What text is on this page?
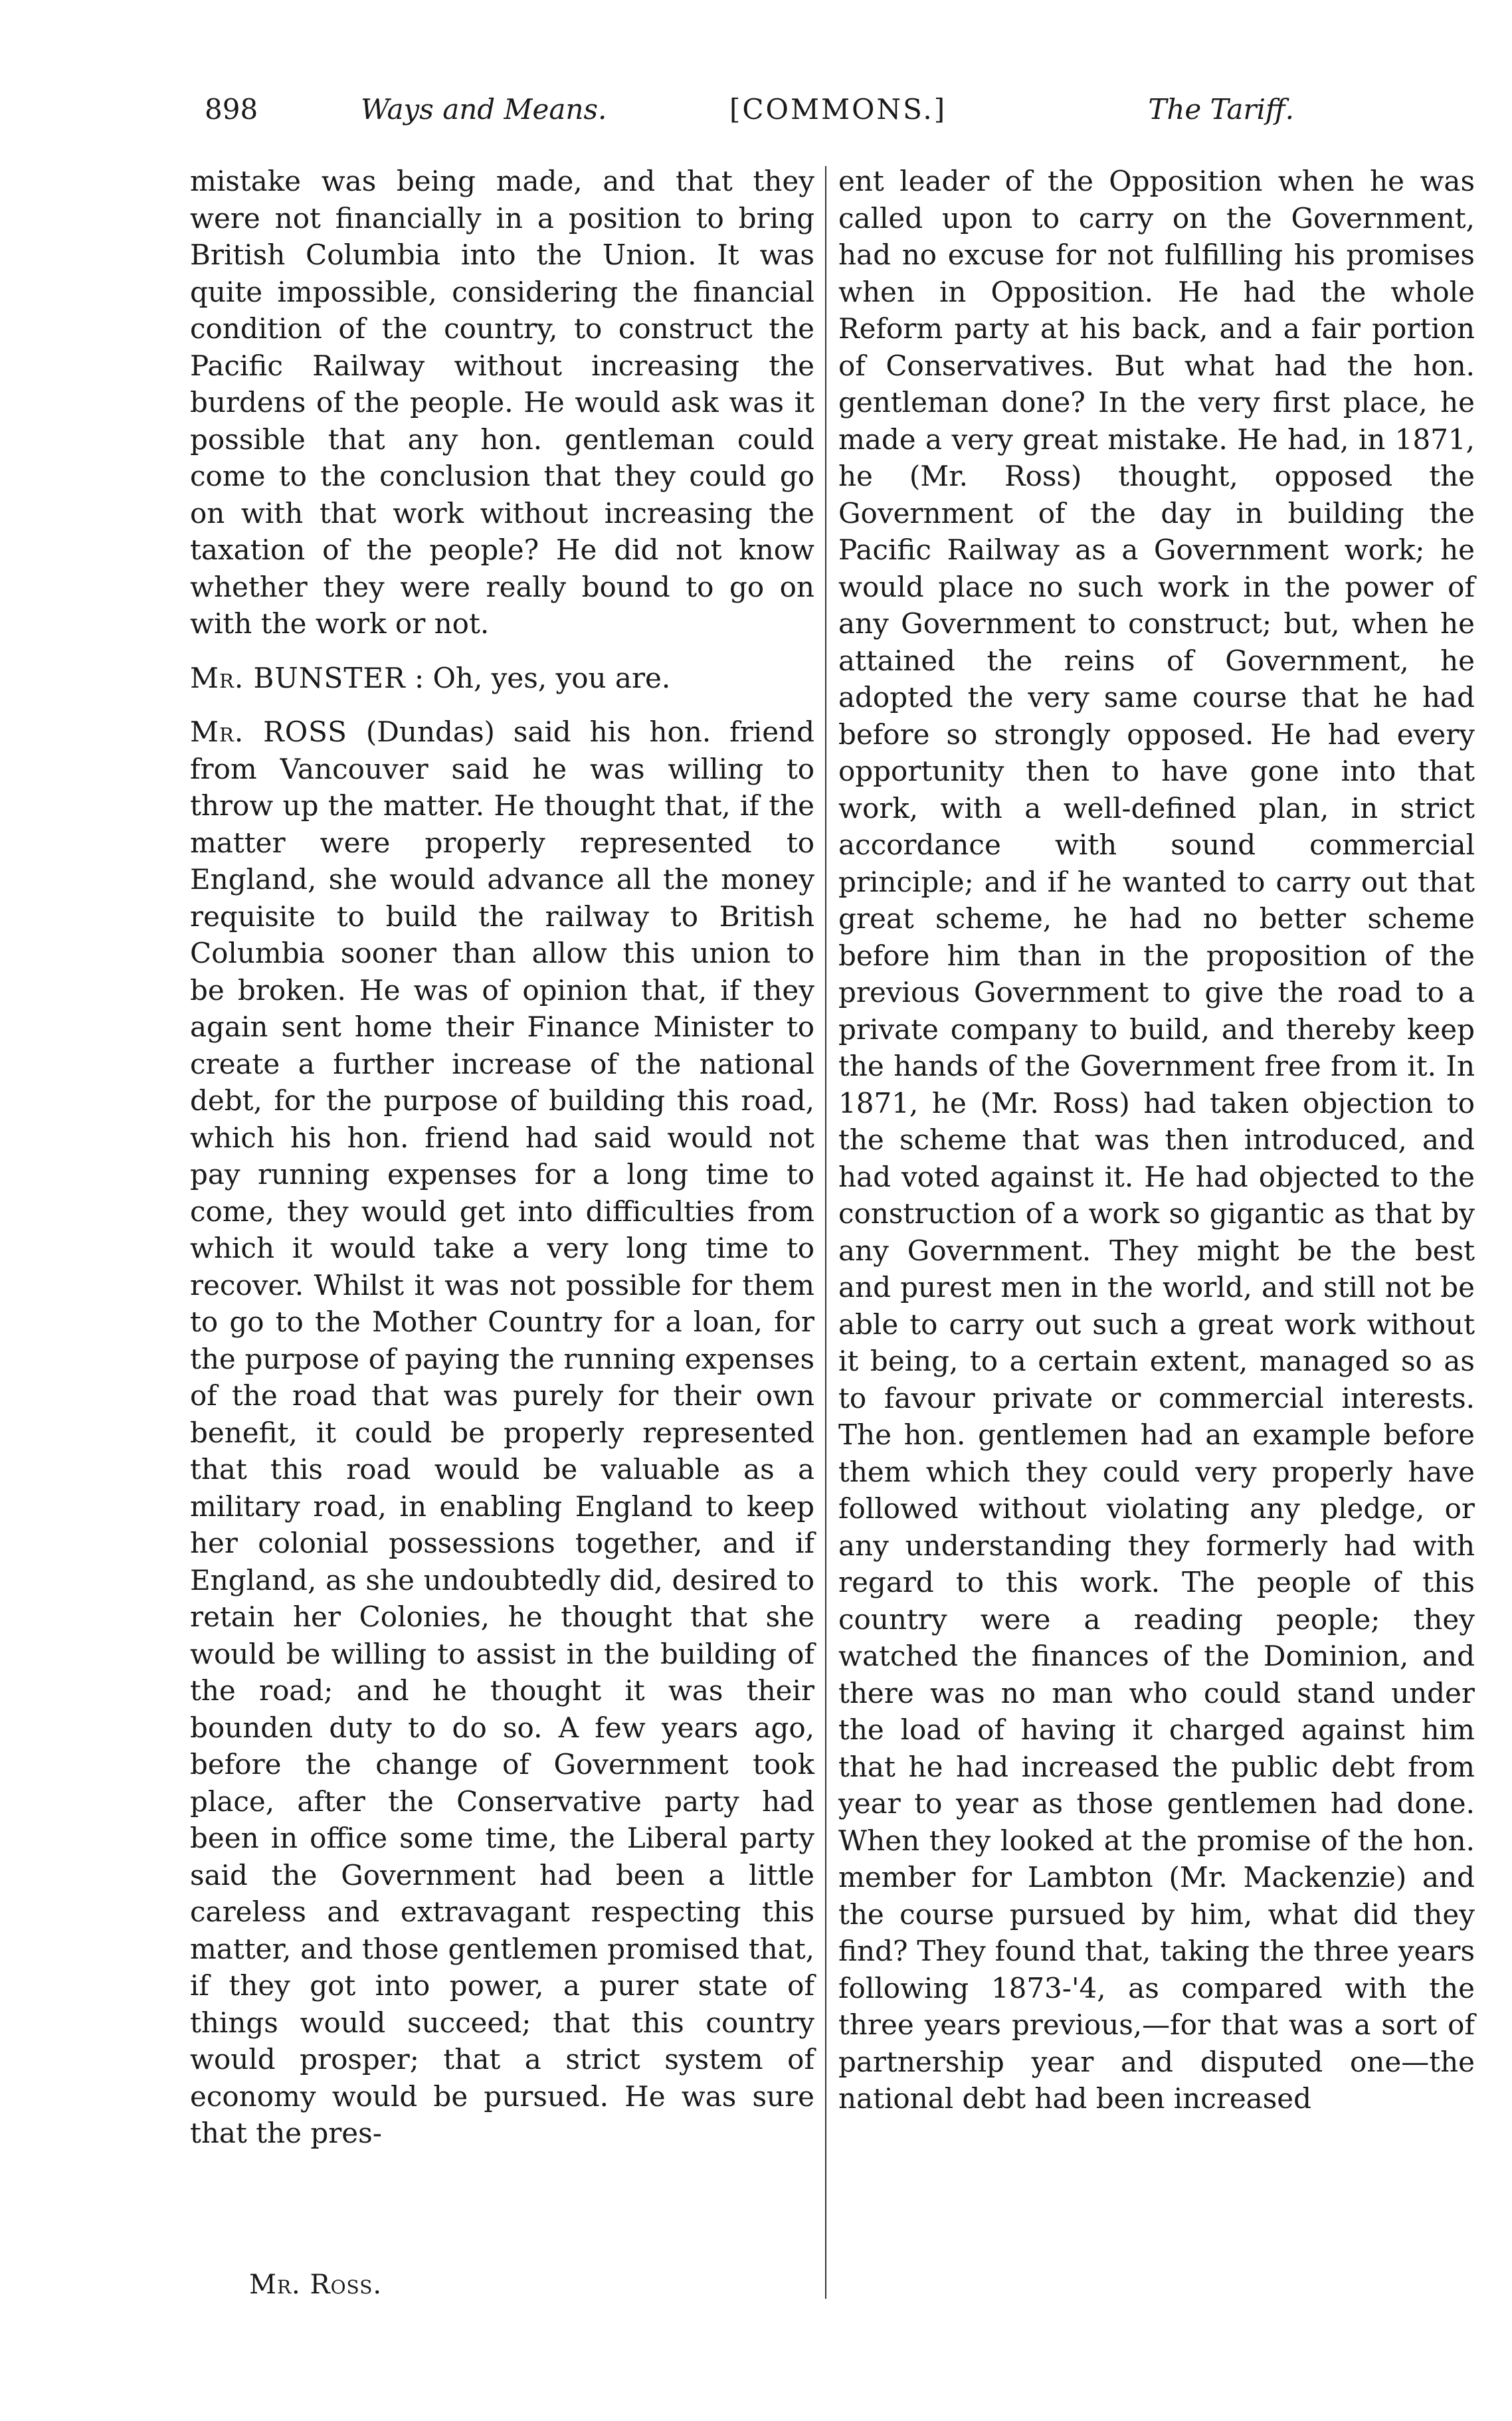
898	Ways and Means.	[COMMONS.]	The Tariff.

mistake was being made, and that they were not financially in a position to bring British Columbia into the Union. It was quite impossible, considering the financial condition of the country, to construct the Pacific Railway without increasing the burdens of the people. He would ask was it possible that any hon. gentleman could come to the conclusion that they could go on with that work without increasing the taxation of the people? He did not know whether they were really bound to go on with the work or not.

Mr. BUNSTER : Oh, yes, you are.

Mr. ROSS (Dundas) said his hon. friend from Vancouver said he was willing to throw up the matter. He thought that, if the matter were properly represented to England, she would advance all the money requisite to build the railway to British Columbia sooner than allow this union to be broken. He was of opinion that, if they again sent home their Finance Minister to create a further increase of the national debt, for the purpose of building this road, which his hon. friend had said would not pay running expenses for a long time to come, they would get into difficulties from which it would take a very long time to recover. Whilst it was not possible for them to go to the Mother Country for a loan, for the purpose of paying the running expenses of the road that was purely for their own benefit, it could be properly represented that this road would be valuable as a military road, in enabling England to keep her colonial possessions together, and if England, as she undoubtedly did, desired to retain her Colonies, he thought that she would be willing to assist in the building of the road; and he thought it was their bounden duty to do so. A few years ago, before the change of Government took place, after the Conservative party had been in office some time, the Liberal party said the Government had been a little careless and extravagant respecting this matter, and those gentlemen promised that, if they got into power, a purer state of things would succeed; that this country would prosper; that a strict system of economy would be pursued. He was sure that the pres-

ent leader of the Opposition when he was called upon to carry on the Government, had no excuse for not fulfilling his promises when in Opposition. He had the whole Reform party at his back, and a fair portion of Conservatives. But what had the hon. gentleman done? In the very first place, he made a very great mistake. He had, in 1871, he (Mr. Ross) thought, opposed the Government of the day in building the Pacific Railway as a Government work; he would place no such work in the power of any Government to construct; but, when he attained the reins of Government, he adopted the very same course that he had before so strongly opposed. He had every opportunity then to have gone into that work, with a well-defined plan, in strict accordance with sound commercial principle; and if he wanted to carry out that great scheme, he had no better scheme before him than in the proposition of the previous Government to give the road to a private company to build, and thereby keep the hands of the Government free from it. In 1871, he (Mr. Ross) had taken objection to the scheme that was then introduced, and had voted against it. He had objected to the construction of a work so gigantic as that by any Government. They might be the best and purest men in the world, and still not be able to carry out such a great work without it being, to a certain extent, managed so as to favour private or commercial interests. The hon. gentlemen had an example before them which they could very properly have followed without violating any pledge, or any understanding they formerly had with regard to this work. The people of this country were a reading people; they watched the finances of the Dominion, and there was no man who could stand under the load of having it charged against him that he had increased the public debt from year to year as those gentlemen had done. When they looked at the promise of the hon. member for Lambton (Mr. Mackenzie) and the course pursued by him, what did they find? They found that, taking the three years following 1873-'4, as compared with the three years previous,—for that was a sort of partnership year and disputed one—the national debt had been increased

Mr. Ross.
